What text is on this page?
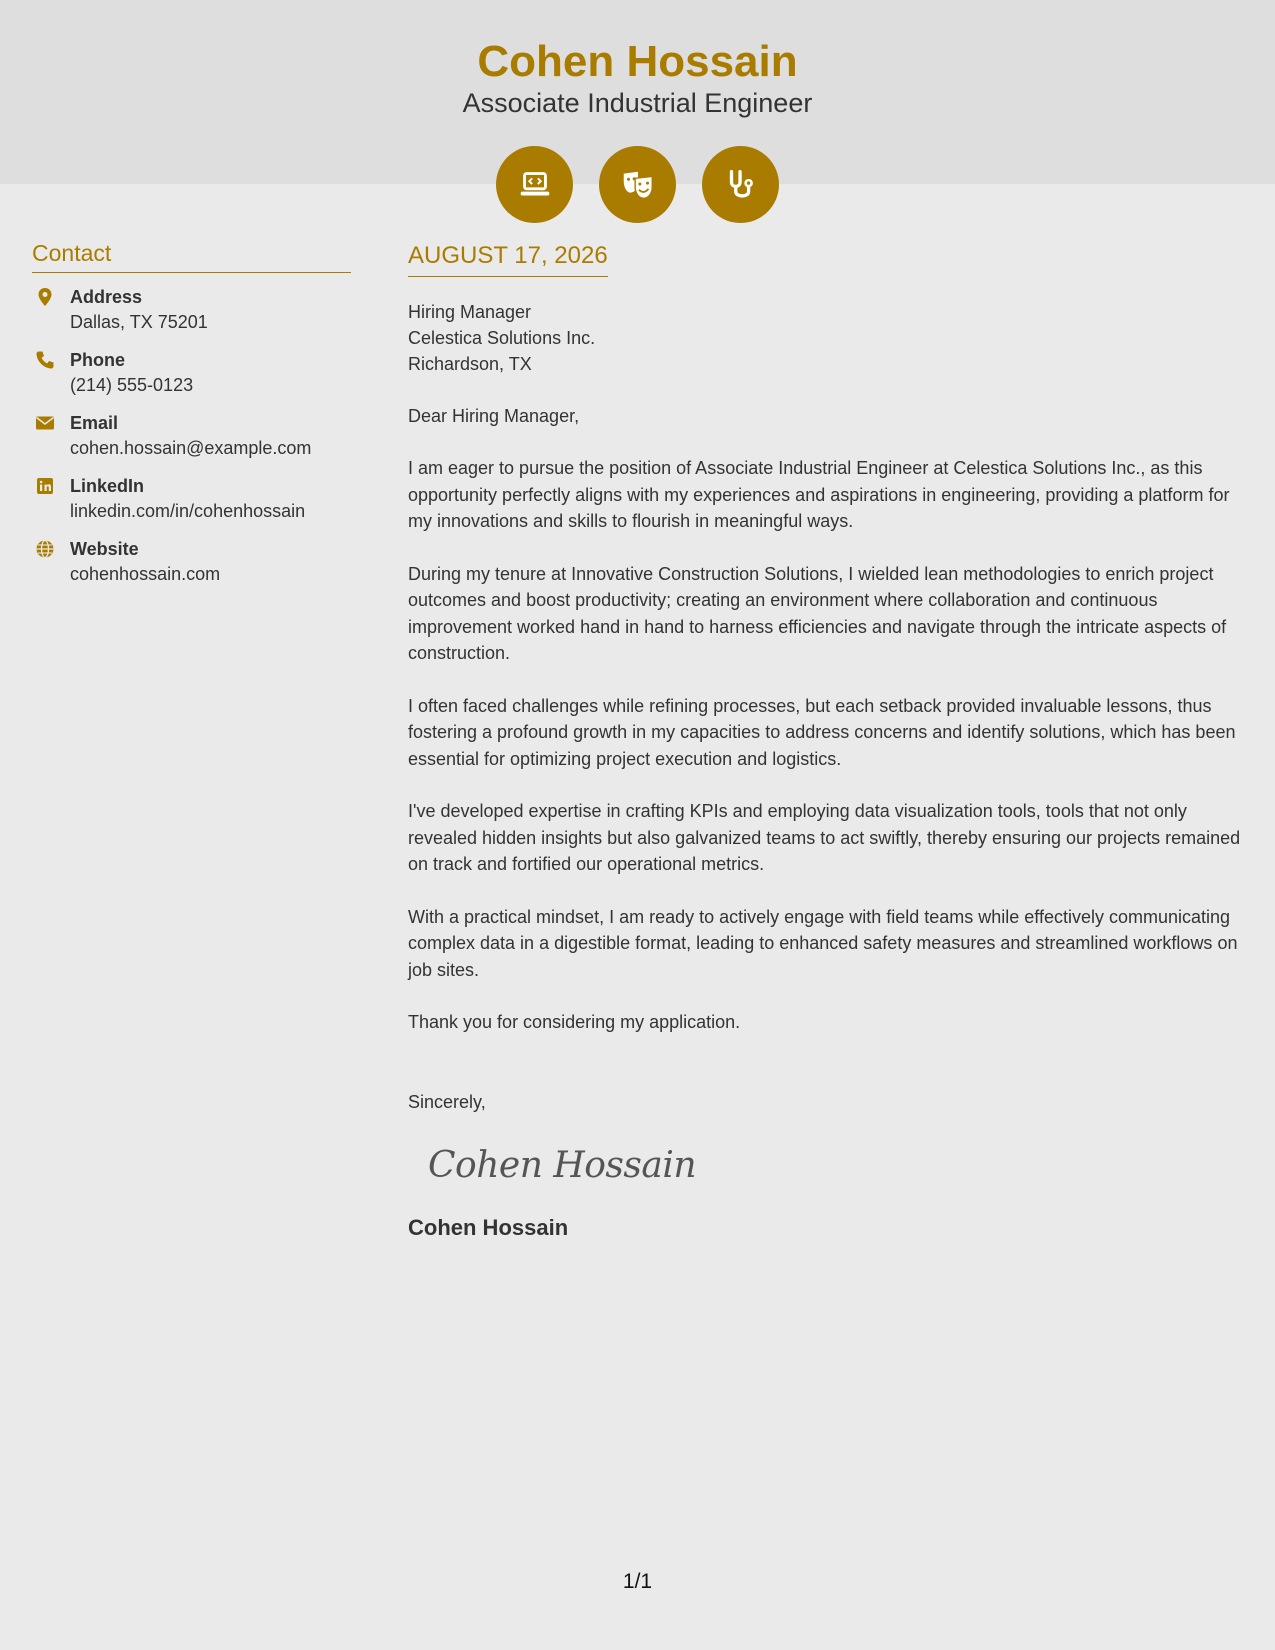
Cohen Hossain
Associate Industrial Engineer
Contact
Address
Dallas, TX 75201
Phone
(214) 555-0123
Email
cohen.hossain@example.com
LinkedIn
linkedin.com/in/cohenhossain
Website
cohenhossain.com
AUGUST 17, 2026
Hiring Manager
Celestica Solutions Inc.
Richardson, TX
Dear Hiring Manager,
I am eager to pursue the position of Associate Industrial Engineer at Celestica Solutions Inc., as this opportunity perfectly aligns with my experiences and aspirations in engineering, providing a platform for my innovations and skills to flourish in meaningful ways.
During my tenure at Innovative Construction Solutions, I wielded lean methodologies to enrich project outcomes and boost productivity; creating an environment where collaboration and continuous improvement worked hand in hand to harness efficiencies and navigate through the intricate aspects of construction.
I often faced challenges while refining processes, but each setback provided invaluable lessons, thus fostering a profound growth in my capacities to address concerns and identify solutions, which has been essential for optimizing project execution and logistics.
I've developed expertise in crafting KPIs and employing data visualization tools, tools that not only revealed hidden insights but also galvanized teams to act swiftly, thereby ensuring our projects remained on track and fortified our operational metrics.
With a practical mindset, I am ready to actively engage with field teams while effectively communicating complex data in a digestible format, leading to enhanced safety measures and streamlined workflows on job sites.
Thank you for considering my application.
Sincerely,
Cohen Hossain
Cohen Hossain
1/1
